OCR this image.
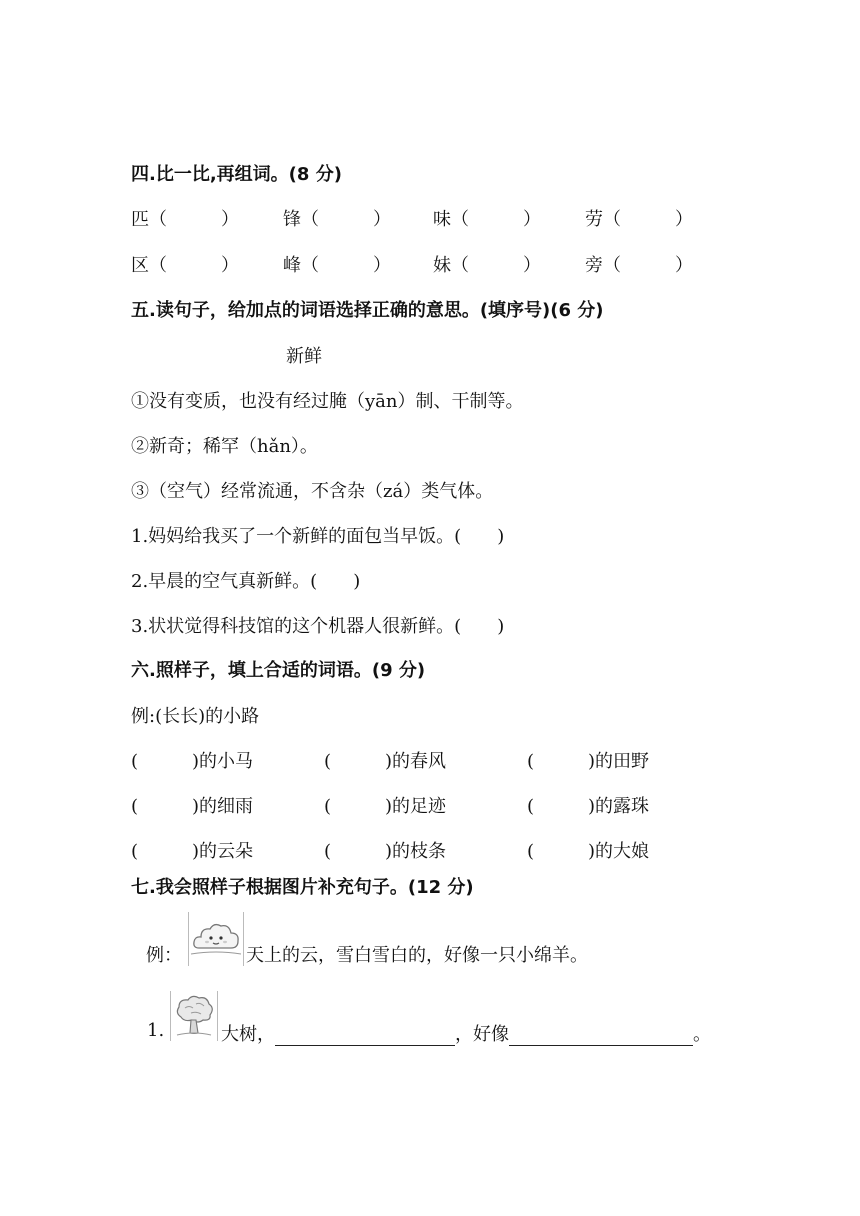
四.比一比,再组词。(8 分)
匹（　　　） 锋（　　　） 味（　　　） 劳（　　　）
区（　　　） 峰（　　　） 妹（　　　） 旁（　　　）
五.读句子，给加点的词语选择正确的意思。(填序号)(6 分)
新鲜
①没有变质，也没有经过腌（yān）制、干制等。
②新奇；稀罕（hǎn）。
③（空气）经常流通，不含杂（zá）类气体。
1.妈妈给我买了一个新鲜的面包当早饭。(　　)
2.早晨的空气真新鲜。(　　)
3.状状觉得科技馆的这个机器人很新鲜。(　　)
六.照样子，填上合适的词语。(9 分)
例:(长长)的小路
(　　　)的小马	(　　　)的春风	(　　　)的田野
(　　　)的细雨	(　　　)的足迹	(　　　)的露珠
(　　　)的云朵	(　　　)的枝条	(　　　)的大娘
七.我会照样子根据图片补充句子。(12 分)
例：	天上的云，雪白雪白的，好像一只小绵羊。
1.	大树，	，好像	。
